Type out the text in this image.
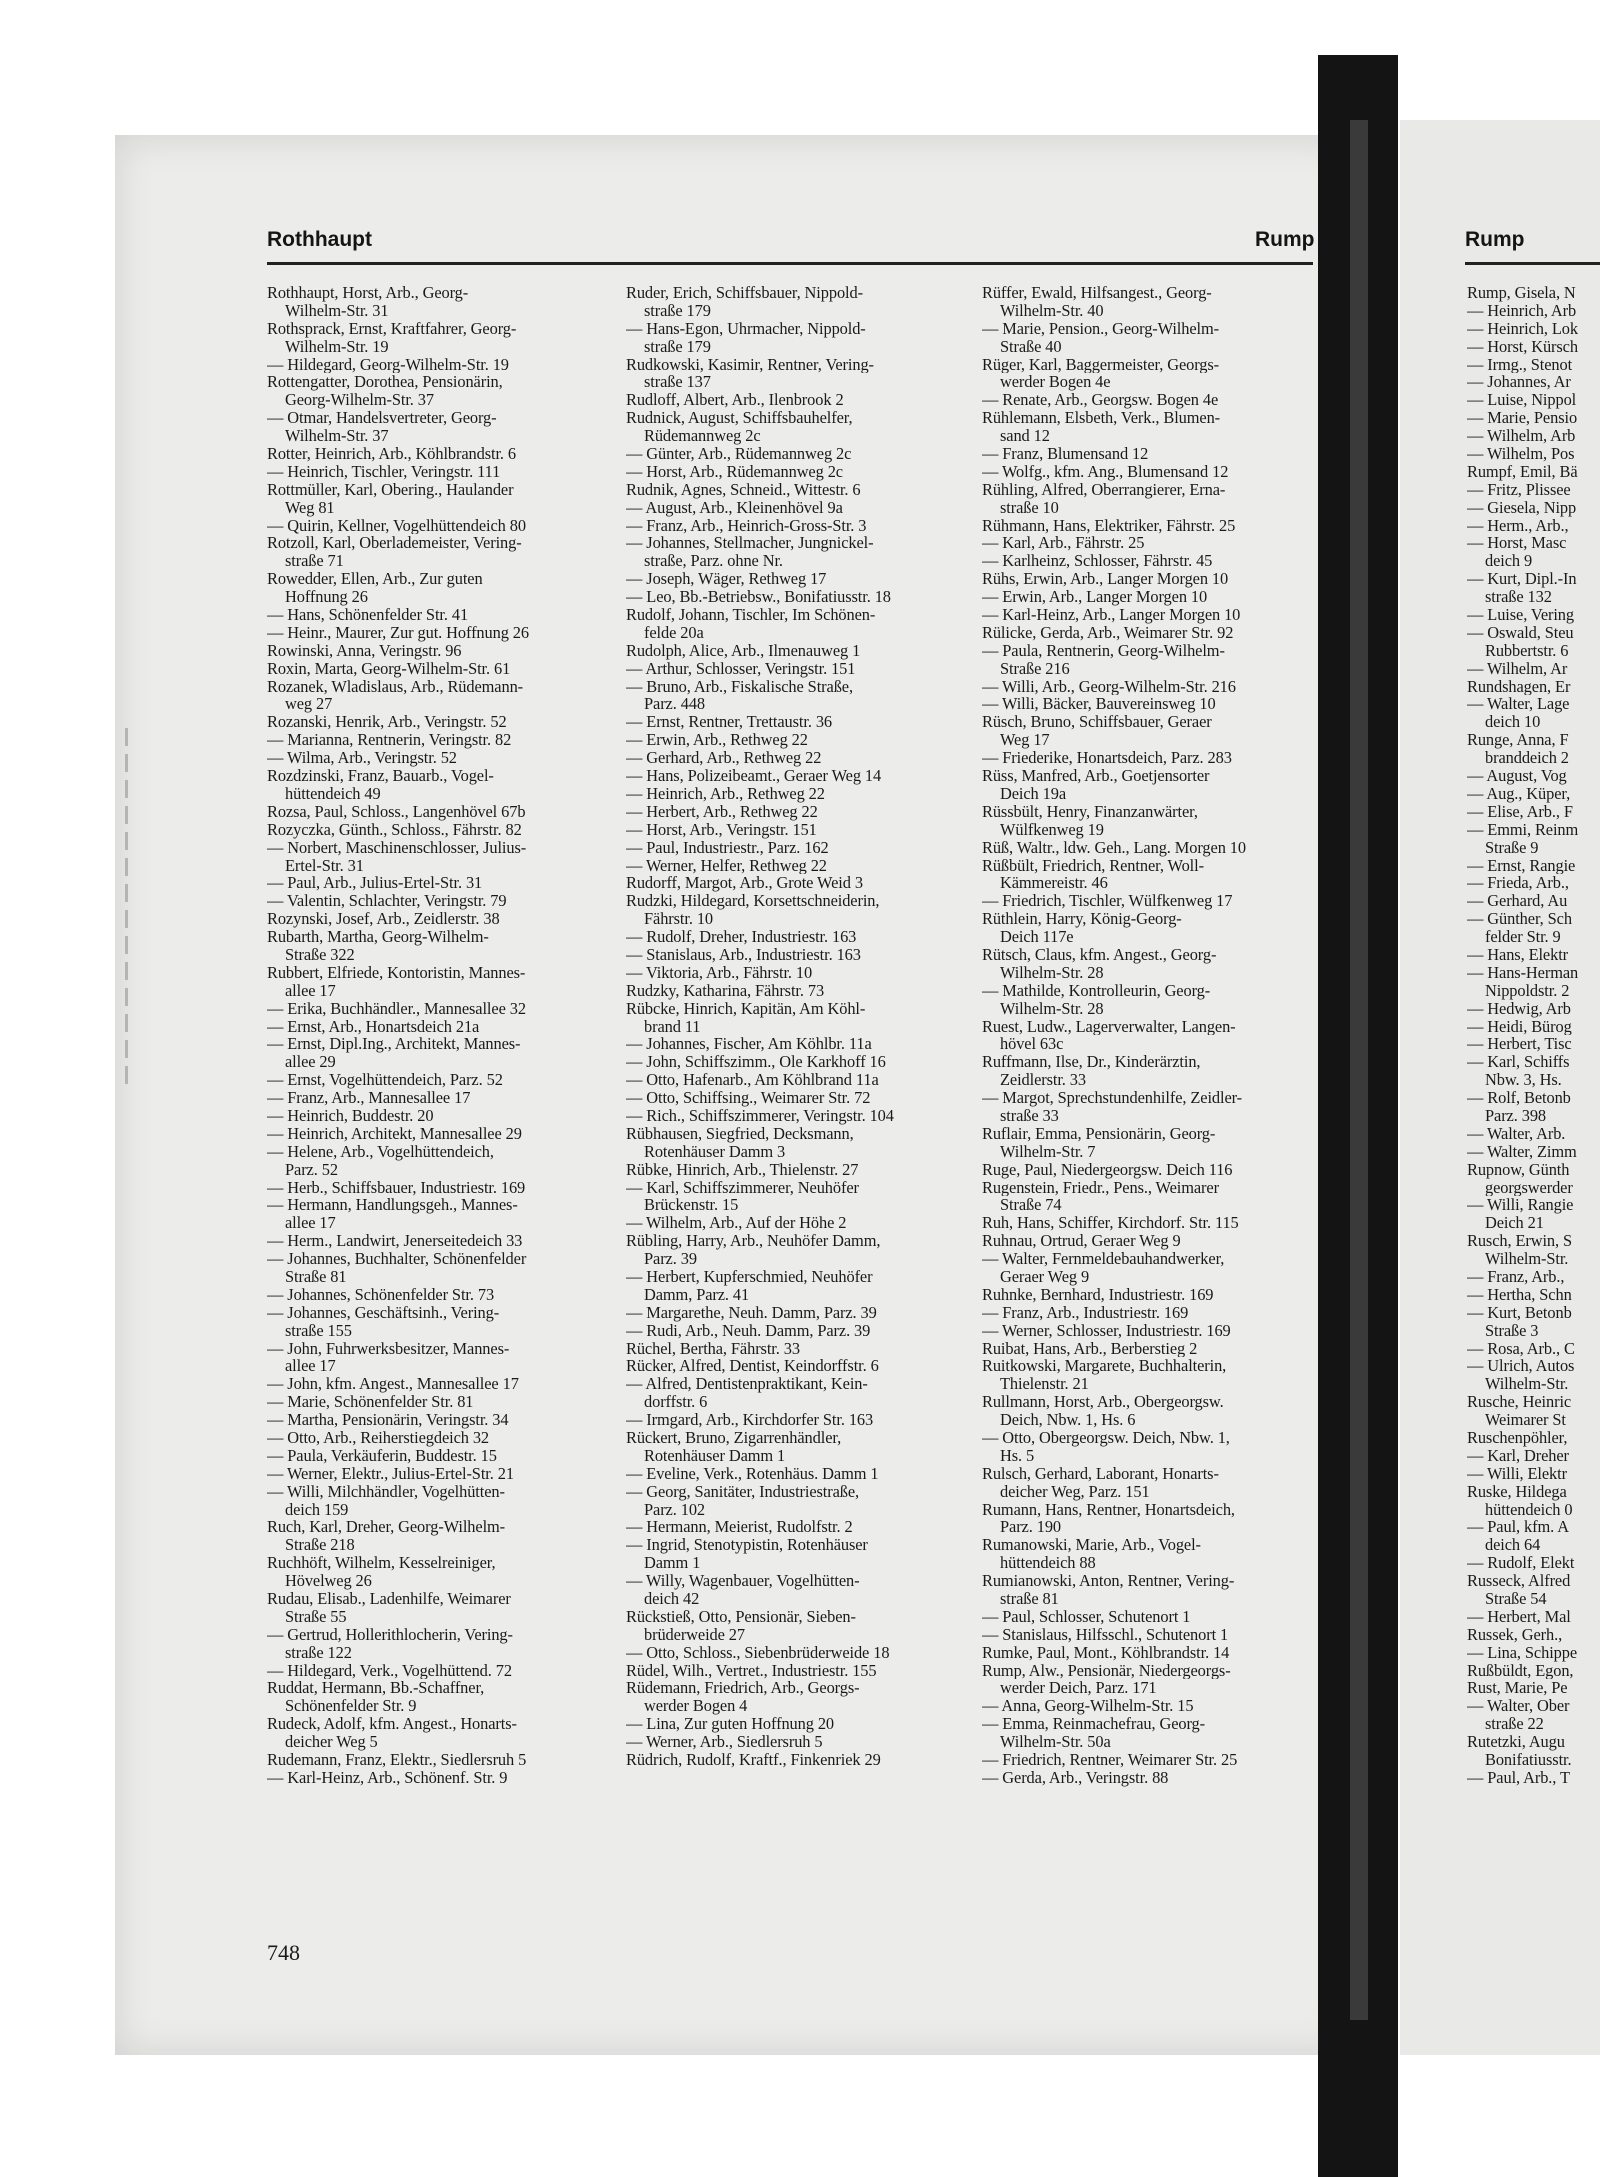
Rothhaupt	Rump	Rump
Rothhaupt, Horst, Arb., Georg-
Wilhelm-Str. 31
Rothsprack, Ernst, Kraftfahrer, Georg-
Wilhelm-Str. 19
— Hildegard, Georg-Wilhelm-Str. 19
Rottengatter, Dorothea, Pensionärin,
Georg-Wilhelm-Str. 37
— Otmar, Handelsvertreter, Georg-
Wilhelm-Str. 37
Rotter, Heinrich, Arb., Köhlbrandstr. 6
— Heinrich, Tischler, Veringstr. 111
Rottmüller, Karl, Obering., Haulander
Weg 81
— Quirin, Kellner, Vogelhüttendeich 80
Rotzoll, Karl, Oberlademeister, Vering-
straße 71
Rowedder, Ellen, Arb., Zur guten
Hoffnung 26
— Hans, Schönenfelder Str. 41
— Heinr., Maurer, Zur gut. Hoffnung 26
Rowinski, Anna, Veringstr. 96
Roxin, Marta, Georg-Wilhelm-Str. 61
Rozanek, Wladislaus, Arb., Rüdemann-
weg 27
Rozanski, Henrik, Arb., Veringstr. 52
— Marianna, Rentnerin, Veringstr. 82
— Wilma, Arb., Veringstr. 52
Rozdzinski, Franz, Bauarb., Vogel-
hüttendeich 49
Rozsa, Paul, Schloss., Langenhövel 67b
Rozyczka, Günth., Schloss., Fährstr. 82
— Norbert, Maschinenschlosser, Julius-
Ertel-Str. 31
— Paul, Arb., Julius-Ertel-Str. 31
— Valentin, Schlachter, Veringstr. 79
Rozynski, Josef, Arb., Zeidlerstr. 38
Rubarth, Martha, Georg-Wilhelm-
Straße 322
Rubbert, Elfriede, Kontoristin, Mannes-
allee 17
— Erika, Buchhändler., Mannesallee 32
— Ernst, Arb., Honartsdeich 21a
— Ernst, Dipl.Ing., Architekt, Mannes-
allee 29
— Ernst, Vogelhüttendeich, Parz. 52
— Franz, Arb., Mannesallee 17
— Heinrich, Buddestr. 20
— Heinrich, Architekt, Mannesallee 29
— Helene, Arb., Vogelhüttendeich,
Parz. 52
— Herb., Schiffsbauer, Industriestr. 169
— Hermann, Handlungsgeh., Mannes-
allee 17
— Herm., Landwirt, Jenerseitedeich 33
— Johannes, Buchhalter, Schönenfelder
Straße 81
— Johannes, Schönenfelder Str. 73
— Johannes, Geschäftsinh., Vering-
straße 155
— John, Fuhrwerksbesitzer, Mannes-
allee 17
— John, kfm. Angest., Mannesallee 17
— Marie, Schönenfelder Str. 81
— Martha, Pensionärin, Veringstr. 34
— Otto, Arb., Reiherstiegdeich 32
— Paula, Verkäuferin, Buddestr. 15
— Werner, Elektr., Julius-Ertel-Str. 21
— Willi, Milchhändler, Vogelhütten-
deich 159
Ruch, Karl, Dreher, Georg-Wilhelm-
Straße 218
Ruchhöft, Wilhelm, Kesselreiniger,
Hövelweg 26
Rudau, Elisab., Ladenhilfe, Weimarer
Straße 55
— Gertrud, Hollerithlocherin, Vering-
straße 122
— Hildegard, Verk., Vogelhüttend. 72
Ruddat, Hermann, Bb.-Schaffner,
Schönenfelder Str. 9
Rudeck, Adolf, kfm. Angest., Honarts-
deicher Weg 5
Rudemann, Franz, Elektr., Siedlersruh 5
— Karl-Heinz, Arb., Schönenf. Str. 9
Ruder, Erich, Schiffsbauer, Nippold-
straße 179
— Hans-Egon, Uhrmacher, Nippold-
straße 179
Rudkowski, Kasimir, Rentner, Vering-
straße 137
Rudloff, Albert, Arb., Ilenbrook 2
Rudnick, August, Schiffsbauhelfer,
Rüdemannweg 2c
— Günter, Arb., Rüdemannweg 2c
— Horst, Arb., Rüdemannweg 2c
Rudnik, Agnes, Schneid., Wittestr. 6
— August, Arb., Kleinenhövel 9a
— Franz, Arb., Heinrich-Gross-Str. 3
— Johannes, Stellmacher, Jungnickel-
straße, Parz. ohne Nr.
— Joseph, Wäger, Rethweg 17
— Leo, Bb.-Betriebsw., Bonifatiusstr. 18
Rudolf, Johann, Tischler, Im Schönen-
felde 20a
Rudolph, Alice, Arb., Ilmenauweg 1
— Arthur, Schlosser, Veringstr. 151
— Bruno, Arb., Fiskalische Straße,
Parz. 448
— Ernst, Rentner, Trettaustr. 36
— Erwin, Arb., Rethweg 22
— Gerhard, Arb., Rethweg 22
— Hans, Polizeibeamt., Geraer Weg 14
— Heinrich, Arb., Rethweg 22
— Herbert, Arb., Rethweg 22
— Horst, Arb., Veringstr. 151
— Paul, Industriestr., Parz. 162
— Werner, Helfer, Rethweg 22
Rudorff, Margot, Arb., Grote Weid 3
Rudzki, Hildegard, Korsettschneiderin,
Fährstr. 10
— Rudolf, Dreher, Industriestr. 163
— Stanislaus, Arb., Industriestr. 163
— Viktoria, Arb., Fährstr. 10
Rudzky, Katharina, Fährstr. 73
Rübcke, Hinrich, Kapitän, Am Köhl-
brand 11
— Johannes, Fischer, Am Köhlbr. 11a
— John, Schiffszimm., Ole Karkhoff 16
— Otto, Hafenarb., Am Köhlbrand 11a
— Otto, Schiffsing., Weimarer Str. 72
— Rich., Schiffszimmerer, Veringstr. 104
Rübhausen, Siegfried, Decksmann,
Rotenhäuser Damm 3
Rübke, Hinrich, Arb., Thielenstr. 27
— Karl, Schiffszimmerer, Neuhöfer
Brückenstr. 15
— Wilhelm, Arb., Auf der Höhe 2
Rübling, Harry, Arb., Neuhöfer Damm,
Parz. 39
— Herbert, Kupferschmied, Neuhöfer
Damm, Parz. 41
— Margarethe, Neuh. Damm, Parz. 39
— Rudi, Arb., Neuh. Damm, Parz. 39
Rüchel, Bertha, Fährstr. 33
Rücker, Alfred, Dentist, Keindorffstr. 6
— Alfred, Dentistenpraktikant, Kein-
dorffstr. 6
— Irmgard, Arb., Kirchdorfer Str. 163
Rückert, Bruno, Zigarrenhändler,
Rotenhäuser Damm 1
— Eveline, Verk., Rotenhäus. Damm 1
— Georg, Sanitäter, Industriestraße,
Parz. 102
— Hermann, Meierist, Rudolfstr. 2
— Ingrid, Stenotypistin, Rotenhäuser
Damm 1
— Willy, Wagenbauer, Vogelhütten-
deich 42
Rückstieß, Otto, Pensionär, Sieben-
brüderweide 27
— Otto, Schloss., Siebenbrüderweide 18
Rüdel, Wilh., Vertret., Industriestr. 155
Rüdemann, Friedrich, Arb., Georgs-
werder Bogen 4
— Lina, Zur guten Hoffnung 20
— Werner, Arb., Siedlersruh 5
Rüdrich, Rudolf, Kraftf., Finkenriek 29
Rüffer, Ewald, Hilfsangest., Georg-
Wilhelm-Str. 40
— Marie, Pension., Georg-Wilhelm-
Straße 40
Rüger, Karl, Baggermeister, Georgs-
werder Bogen 4e
— Renate, Arb., Georgsw. Bogen 4e
Rühlemann, Elsbeth, Verk., Blumen-
sand 12
— Franz, Blumensand 12
— Wolfg., kfm. Ang., Blumensand 12
Rühling, Alfred, Oberrangierer, Erna-
straße 10
Rühmann, Hans, Elektriker, Fährstr. 25
— Karl, Arb., Fährstr. 25
— Karlheinz, Schlosser, Fährstr. 45
Rühs, Erwin, Arb., Langer Morgen 10
— Erwin, Arb., Langer Morgen 10
— Karl-Heinz, Arb., Langer Morgen 10
Rülicke, Gerda, Arb., Weimarer Str. 92
— Paula, Rentnerin, Georg-Wilhelm-
Straße 216
— Willi, Arb., Georg-Wilhelm-Str. 216
— Willi, Bäcker, Bauvereinsweg 10
Rüsch, Bruno, Schiffsbauer, Geraer
Weg 17
— Friederike, Honartsdeich, Parz. 283
Rüss, Manfred, Arb., Goetjensorter
Deich 19a
Rüssbült, Henry, Finanzanwärter,
Wülfkenweg 19
Rüß, Waltr., ldw. Geh., Lang. Morgen 10
Rüßbült, Friedrich, Rentner, Woll-
Kämmereistr. 46
— Friedrich, Tischler, Wülfkenweg 17
Rüthlein, Harry, König-Georg-
Deich 117e
Rütsch, Claus, kfm. Angest., Georg-
Wilhelm-Str. 28
— Mathilde, Kontrolleurin, Georg-
Wilhelm-Str. 28
Ruest, Ludw., Lagerverwalter, Langen-
hövel 63c
Ruffmann, Ilse, Dr., Kinderärztin,
Zeidlerstr. 33
— Margot, Sprechstundenhilfe, Zeidler-
straße 33
Ruflair, Emma, Pensionärin, Georg-
Wilhelm-Str. 7
Ruge, Paul, Niedergeorgsw. Deich 116
Rugenstein, Friedr., Pens., Weimarer
Straße 74
Ruh, Hans, Schiffer, Kirchdorf. Str. 115
Ruhnau, Ortrud, Geraer Weg 9
— Walter, Fernmeldebauhandwerker,
Geraer Weg 9
Ruhnke, Bernhard, Industriestr. 169
— Franz, Arb., Industriestr. 169
— Werner, Schlosser, Industriestr. 169
Ruibat, Hans, Arb., Berberstieg 2
Ruitkowski, Margarete, Buchhalterin,
Thielenstr. 21
Rullmann, Horst, Arb., Obergeorgsw.
Deich, Nbw. 1, Hs. 6
— Otto, Obergeorgsw. Deich, Nbw. 1,
Hs. 5
Rulsch, Gerhard, Laborant, Honarts-
deicher Weg, Parz. 151
Rumann, Hans, Rentner, Honartsdeich,
Parz. 190
Rumanowski, Marie, Arb., Vogel-
hüttendeich 88
Rumianowski, Anton, Rentner, Vering-
straße 81
— Paul, Schlosser, Schutenort 1
— Stanislaus, Hilfsschl., Schutenort 1
Rumke, Paul, Mont., Köhlbrandstr. 14
Rump, Alw., Pensionär, Niedergeorgs-
werder Deich, Parz. 171
— Anna, Georg-Wilhelm-Str. 15
— Emma, Reinmachefrau, Georg-
Wilhelm-Str. 50a
— Friedrich, Rentner, Weimarer Str. 25
— Gerda, Arb., Veringstr. 88
Rump, Gisela, N
— Heinrich, Arb
— Heinrich, Lok
— Horst, Kürsch
— Irmg., Stenot
— Johannes, Ar
— Luise, Nippol
— Marie, Pensio
— Wilhelm, Arb
— Wilhelm, Pos
Rumpf, Emil, Bä
— Fritz, Plissee
— Giesela, Nipp
— Herm., Arb.,
— Horst, Masc
deich 9
— Kurt, Dipl.-In
straße 132
— Luise, Vering
— Oswald, Steu
Rubbertstr. 6
— Wilhelm, Ar
Rundshagen, Er
— Walter, Lage
deich 10
Runge, Anna, F
branddeich 2
— August, Vog
— Aug., Küper,
— Elise, Arb., F
— Emmi, Reinm
Straße 9
— Ernst, Rangie
— Frieda, Arb.,
— Gerhard, Au
— Günther, Sch
felder Str. 9
— Hans, Elektr
— Hans-Herman
Nippoldstr. 2
— Hedwig, Arb
— Heidi, Bürog
— Herbert, Tisc
— Karl, Schiffs
Nbw. 3, Hs.
— Rolf, Betonb
Parz. 398
— Walter, Arb.
— Walter, Zimm
Rupnow, Günth
georgswerder
— Willi, Rangie
Deich 21
Rusch, Erwin, S
Wilhelm-Str.
— Franz, Arb.,
— Hertha, Schn
— Kurt, Betonb
Straße 3
— Rosa, Arb., C
— Ulrich, Autos
Wilhelm-Str.
Rusche, Heinric
Weimarer St
Ruschenpöhler,
— Karl, Dreher
— Willi, Elektr
Ruske, Hildega
hüttendeich 0
— Paul, kfm. A
deich 64
— Rudolf, Elekt
Russeck, Alfred
Straße 54
— Herbert, Mal
Russek, Gerh.,
— Lina, Schippe
Rußbüldt, Egon,
Rust, Marie, Pe
— Walter, Ober
straße 22
Rutetzki, Augu
Bonifatiusstr.
— Paul, Arb., T
748
